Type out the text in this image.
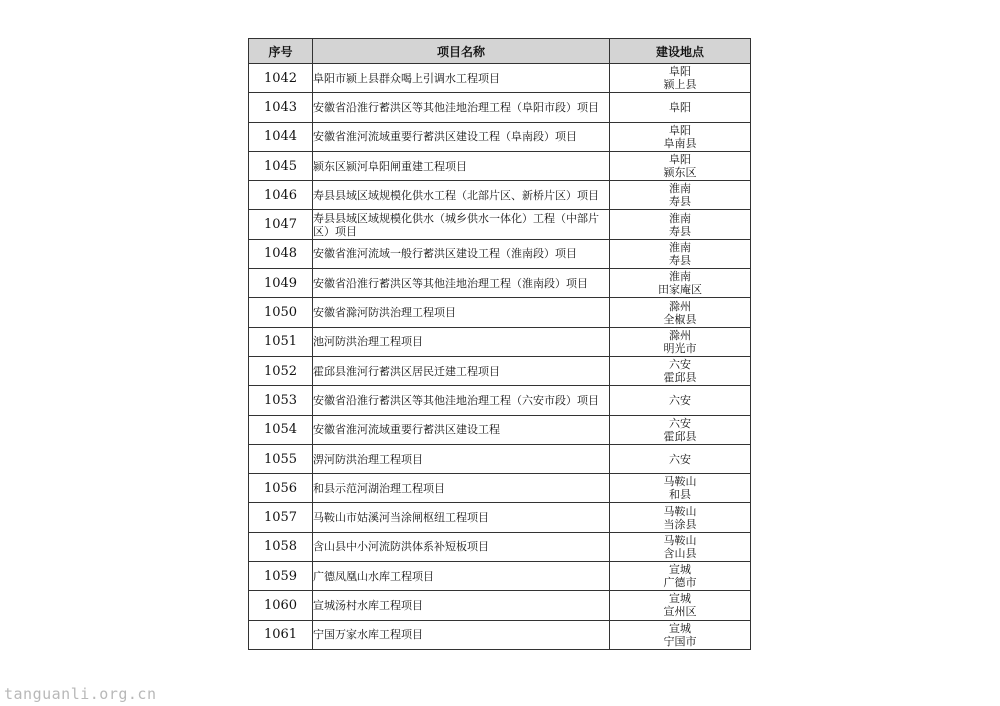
序号	项目名称	建设地点
1042	阜阳市颍上县群众喝上引调水工程项目	阜阳
颍上县

1043	安徽省沿淮行蓄洪区等其他洼地治理工程（阜阳市段）项目	阜阳

1044	安徽省淮河流域重要行蓄洪区建设工程（阜南段）项目	阜阳
阜南县

1045	颍东区颍河阜阳闸重建工程项目	阜阳
颍东区

1046	寿县县域区域规模化供水工程（北部片区、新桥片区）项目	淮南
寿县

1047	寿县县域区域规模化供水（城乡供水一体化）工程（中部片区）项目	淮南
寿县

1048	安徽省淮河流域一般行蓄洪区建设工程（淮南段）项目	淮南
寿县

1049	安徽省沿淮行蓄洪区等其他洼地治理工程（淮南段）项目	淮南
田家庵区

1050	安徽省滁河防洪治理工程项目	滁州
全椒县

1051	池河防洪治理工程项目	滁州
明光市

1052	霍邱县淮河行蓄洪区居民迁建工程项目	六安
霍邱县

1053	安徽省沿淮行蓄洪区等其他洼地治理工程（六安市段）项目	六安

1054	安徽省淮河流域重要行蓄洪区建设工程	六安
霍邱县

1055	淠河防洪治理工程项目	六安

1056	和县示范河湖治理工程项目	马鞍山
和县

1057	马鞍山市姑溪河当涂闸枢纽工程项目	马鞍山
当涂县

1058	含山县中小河流防洪体系补短板项目	马鞍山
含山县

1059	广德凤凰山水库工程项目	宣城
广德市

1060	宣城汤村水库工程项目	宣城
宣州区

1061	宁国万家水库工程项目	宣城
宁国市
tanguanli.org.cn
